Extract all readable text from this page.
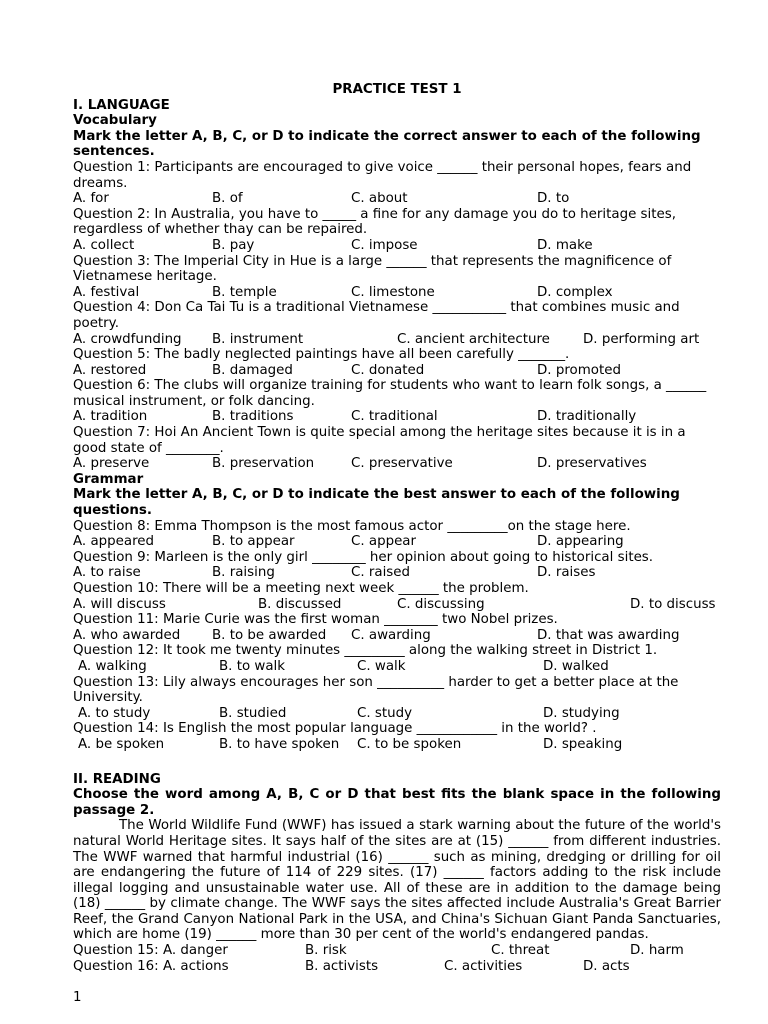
PRACTICE TEST 1
I. LANGUAGE
Vocabulary
Mark the letter A, B, C, or D to indicate the correct answer to each of the following sentences.
Question 1: Participants are encouraged to give voice ______ their personal hopes, fears and dreams.
A. for	B. of	C. about	D. to
Question 2: In Australia, you have to _____ a fine for any damage you do to heritage sites, regardless of whether thay can be repaired.
A. collect	B. pay	C. impose	D. make
Question 3: The Imperial City in Hue is a large ______ that represents the magnificence of Vietnamese heritage.
A. festival	B. temple	C. limestone	D. complex
Question 4: Don Ca Tai Tu is a traditional Vietnamese ___________ that combines music and poetry.
A. crowdfunding B. instrument	C. ancient architecture D. performing art
Question 5: The badly neglected paintings have all been carefully _______.
A. restored	B. damaged	C. donated	D. promoted
Question 6: The clubs will organize training for students who want to learn folk songs, a ______ musical instrument, or folk dancing.
A. tradition	B. traditions	C. traditional	D. traditionally
Question 7: Hoi An Ancient Town is quite special among the heritage sites because it is in a good state of ________.
A. preserve	B. preservation	C. preservative	D. preservatives
Grammar
Mark the letter A, B, C, or D to indicate the best answer to each of the following questions.
Question 8: Emma Thompson is the most famous actor _________on the stage here.
A. appeared	B. to appear	C. appear	D. appearing
Question 9: Marleen is the only girl ________ her opinion about going to historical sites.
A. to raise	B. raising	C. raised	D. raises
Question 10: There will be a meeting next week ______ the problem.
A. will discuss	B. discussed	C. discussing	D. to discuss
Question 11: Marie Curie was the first woman ________ two Nobel prizes.
A. who awarded B. to be awarded C. awarding	D. that was awarding
Question 12: It took me twenty minutes _________ along the walking street in District 1.
A. walking	B. to walk	C. walk	D. walked
Question 13: Lily always encourages her son __________ harder to get a better place at the University.
A. to study	B. studied	C. study	D. studying
Question 14: Is English the most popular language ____________ in the world? .
A. be spoken	B. to have spoken C. to be spoken	D. speaking
II. READING
Choose the word among A, B, C or D that best fits the blank space in the following passage 2.
The World Wildlife Fund (WWF) has issued a stark warning about the future of the world's natural World Heritage sites. It says half of the sites are at (15) ______ from different industries. The WWF warned that harmful industrial (16) ______ such as mining, dredging or drilling for oil are endangering the future of 114 of 229 sites. (17) ______ factors adding to the risk include illegal logging and unsustainable water use. All of these are in addition to the damage being (18) ______ by climate change. The WWF says the sites affected include Australia's Great Barrier Reef, the Grand Canyon National Park in the USA, and China's Sichuan Giant Panda Sanctuaries, which are home (19) ______ more than 30 per cent of the world's endangered pandas.
Question 15: A. danger	B. risk	C. threat	D. harm
Question 16: A. actions	B. activists	C. activities	D. acts
1
